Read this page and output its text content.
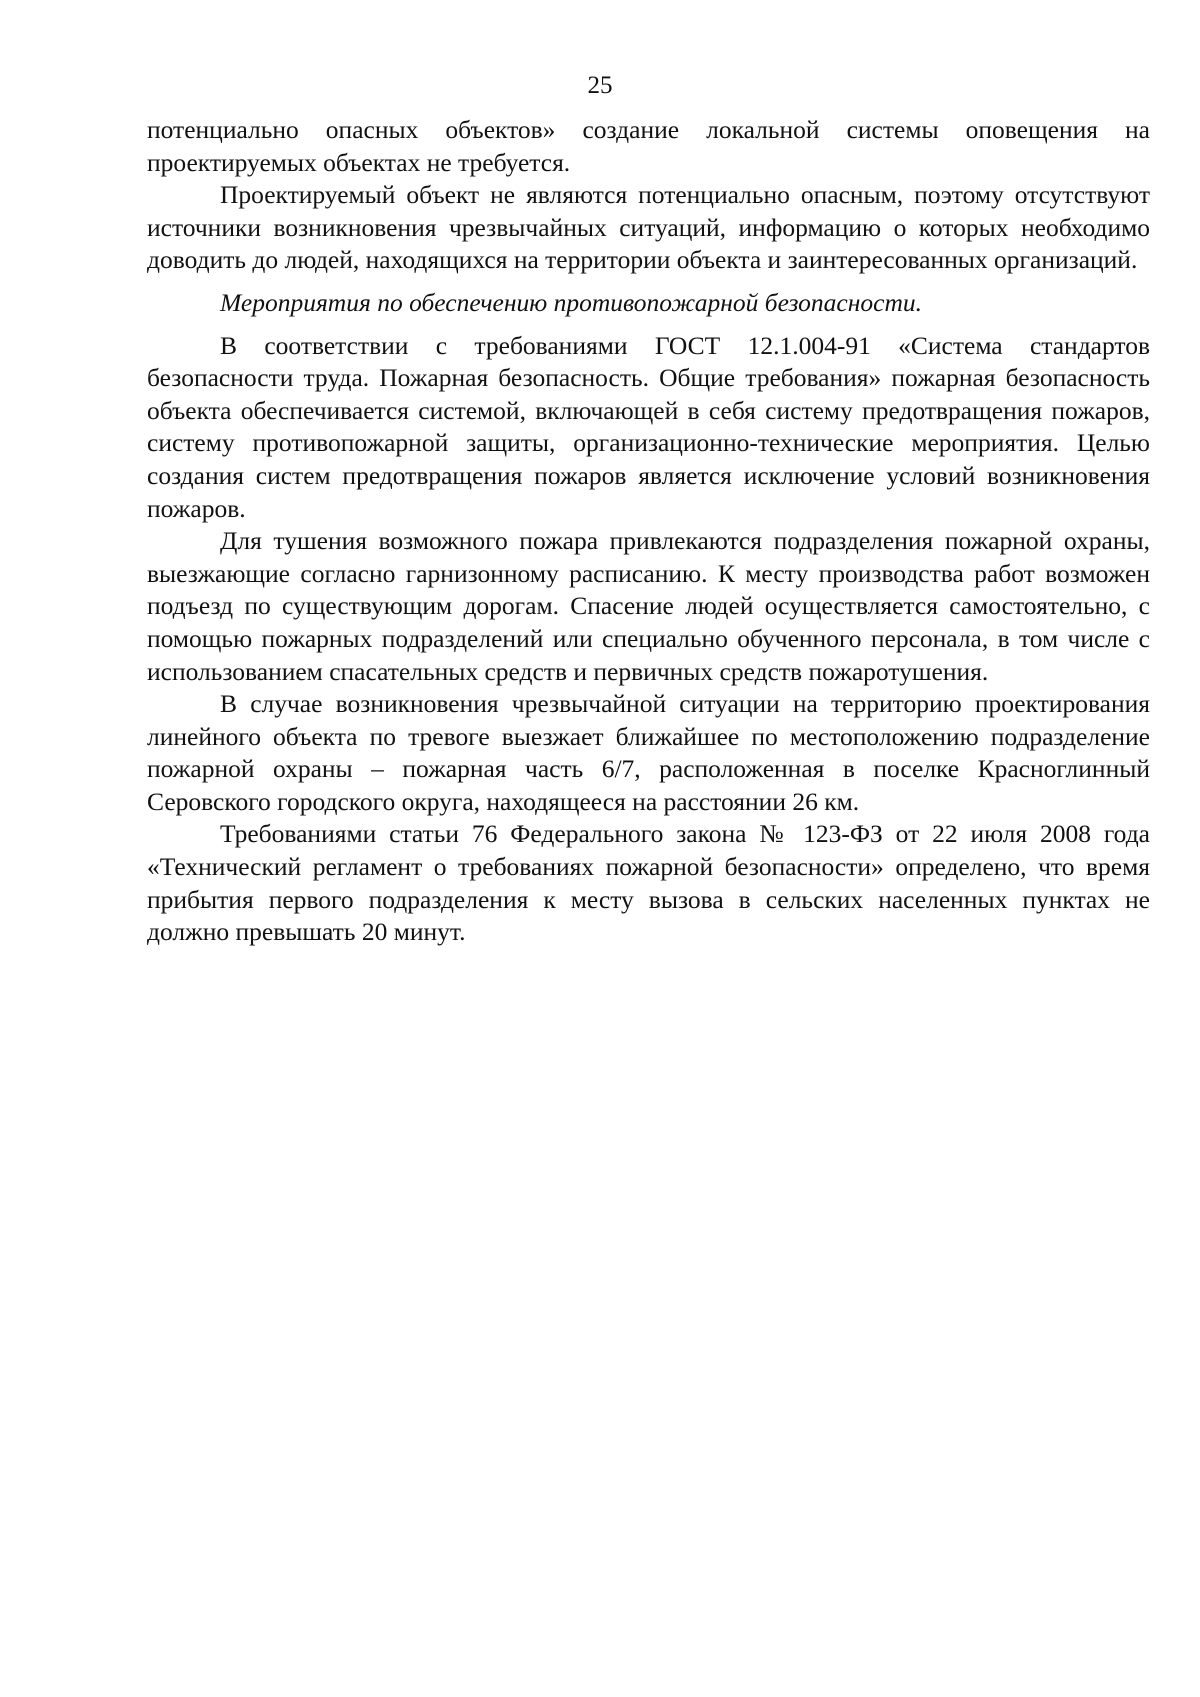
25

потенциально опасных объектов» создание локальной системы оповещения на проектируемых объектах не требуется.

Проектируемый объект не являются потенциально опасным, поэтому отсутствуют источники возникновения чрезвычайных ситуаций, информацию о которых необходимо доводить до людей, находящихся на территории объекта и заинтересованных организаций.

Мероприятия по обеспечению противопожарной безопасности.

В соответствии с требованиями ГОСТ 12.1.004-91 «Система стандартов безопасности труда. Пожарная безопасность. Общие требования» пожарная безопасность объекта обеспечивается системой, включающей в себя систему предотвращения пожаров, систему противопожарной защиты, организационно-технические мероприятия. Целью создания систем предотвращения пожаров является исключение условий возникновения пожаров.

Для тушения возможного пожара привлекаются подразделения пожарной охраны, выезжающие согласно гарнизонному расписанию. К месту производства работ возможен подъезд по существующим дорогам. Спасение людей осуществляется самостоятельно, с помощью пожарных подразделений или специально обученного персонала, в том числе с использованием спасательных средств и первичных средств пожаротушения.

В случае возникновения чрезвычайной ситуации на территорию проектирования линейного объекта по тревоге выезжает ближайшее по местоположению подразделение пожарной охраны – пожарная часть 6/7, расположенная в поселке Красноглинный Серовского городского округа, находящееся на расстоянии 26 км.

Требованиями статьи 76 Федерального закона № 123-ФЗ от 22 июля 2008 года «Технический регламент о требованиях пожарной безопасности» определено, что время прибытия первого подразделения к месту вызова в сельских населенных пунктах не должно превышать 20 минут.
